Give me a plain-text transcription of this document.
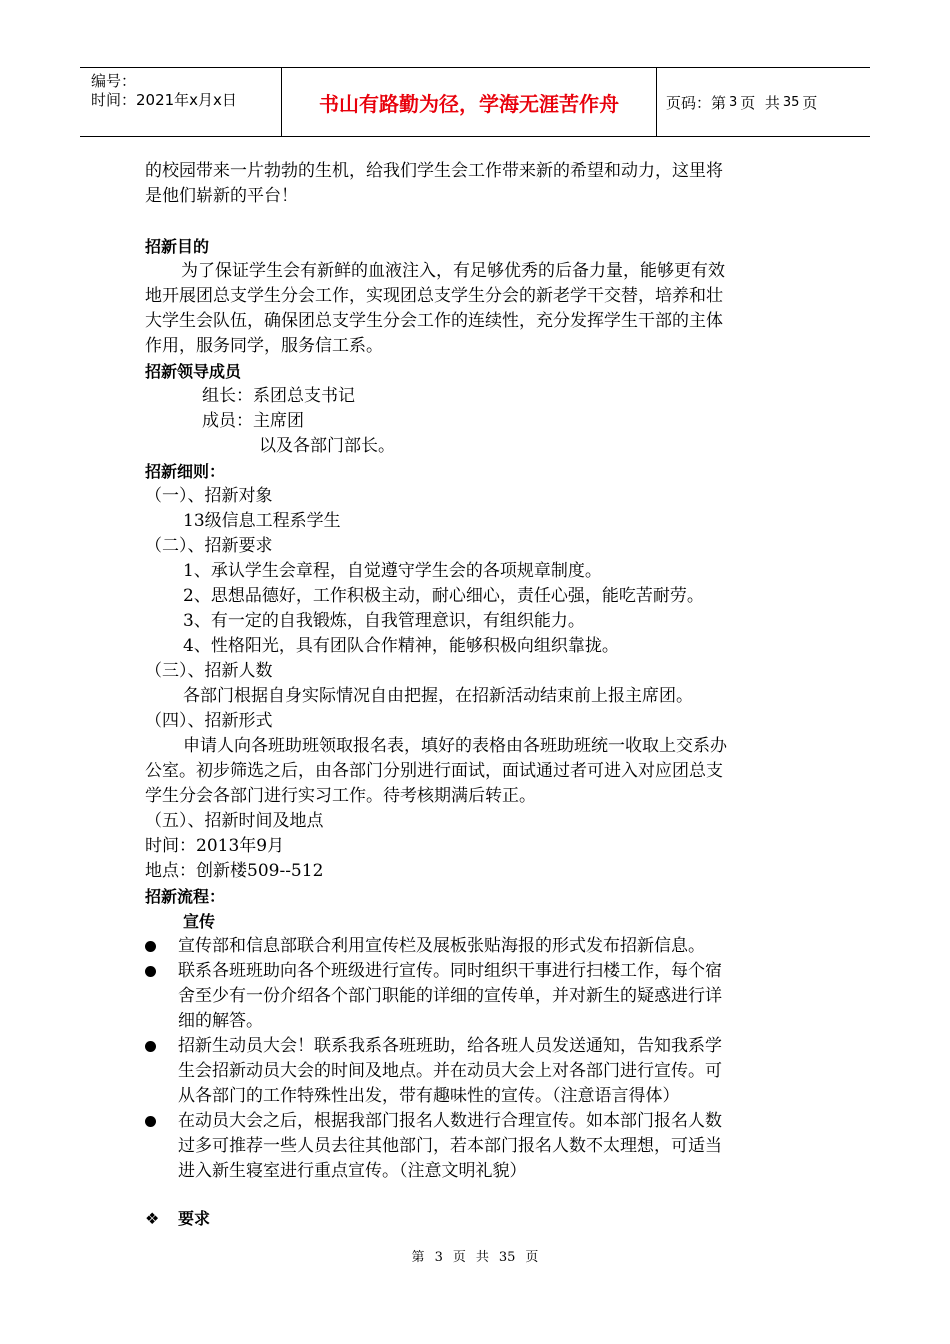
编号：
时间：2021年x月x日	书山有路勤为径，学海无涯苦作舟	页码：第 3 页  共 35 页
的校园带来一片勃勃的生机，给我们学生会工作带来新的希望和动力，这里将
是他们崭新的平台！
招新目的
为了保证学生会有新鲜的血液注入，有足够优秀的后备力量，能够更有效
地开展团总支学生分会工作，实现团总支学生分会的新老学干交替，培养和壮
大学生会队伍，确保团总支学生分会工作的连续性，充分发挥学生干部的主体
作用，服务同学，服务信工系。
招新领导成员
组长：系团总支书记
成员：主席团
以及各部门部长。
招新细则：
（一）、招新对象
13级信息工程系学生
（二）、招新要求
1、承认学生会章程，自觉遵守学生会的各项规章制度。
2、思想品德好，工作积极主动，耐心细心，责任心强，能吃苦耐劳。
3、有一定的自我锻炼，自我管理意识，有组织能力。
4、性格阳光，具有团队合作精神，能够积极向组织靠拢。
（三）、招新人数
各部门根据自身实际情况自由把握，在招新活动结束前上报主席团。
（四）、招新形式
申请人向各班助班领取报名表，填好的表格由各班助班统一收取上交系办
公室。初步筛选之后，由各部门分别进行面试，面试通过者可进入对应团总支
学生分会各部门进行实习工作。待考核期满后转正。
（五）、招新时间及地点
时间：2013年9月
地点：创新楼509--512
招新流程：
宣传
宣传部和信息部联合利用宣传栏及展板张贴海报的形式发布招新信息。
联系各班班助向各个班级进行宣传。同时组织干事进行扫楼工作，每个宿
舍至少有一份介绍各个部门职能的详细的宣传单，并对新生的疑惑进行详
细的解答。
招新生动员大会！联系我系各班班助，给各班人员发送通知，告知我系学
生会招新动员大会的时间及地点。并在动员大会上对各部门进行宣传。可
从各部门的工作特殊性出发，带有趣味性的宣传。（注意语言得体）
在动员大会之后，根据我部门报名人数进行合理宣传。如本部门报名人数
过多可推荐一些人员去往其他部门，若本部门报名人数不太理想，可适当
进入新生寝室进行重点宣传。（注意文明礼貌）
❖ 要求
第 3 页 共 35 页
